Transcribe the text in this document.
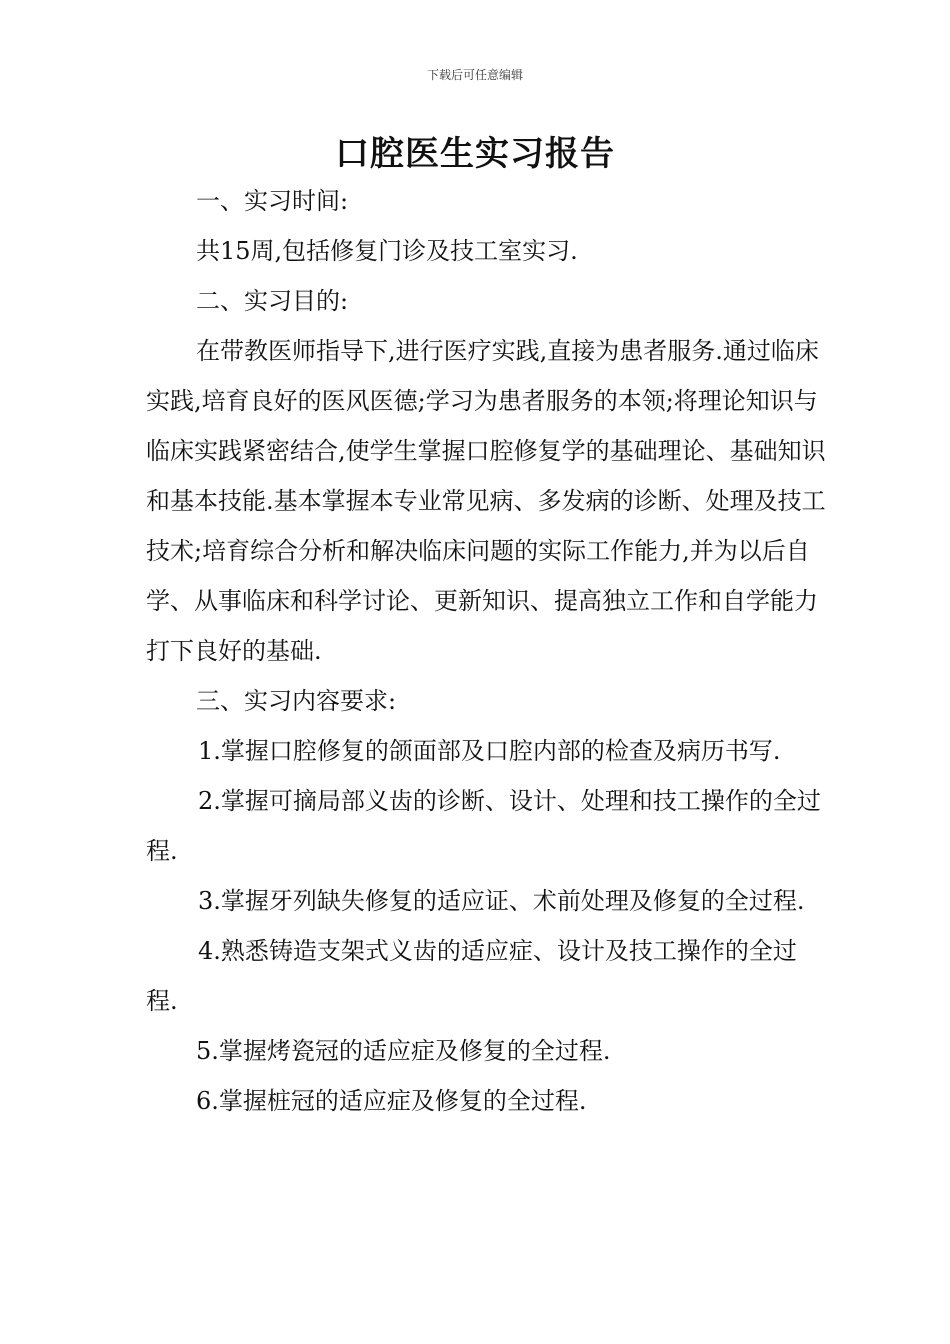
下载后可任意编辑
口腔医生实习报告

一、实习时间:

共15周,包括修复门诊及技工室实习.

二、实习目的:

在带教医师指导下,进行医疗实践,直接为患者服务.通过临床实践,培育良好的医风医德;学习为患者服务的本领;将理论知识与临床实践紧密结合,使学生掌握口腔修复学的基础理论、基础知识和基本技能.基本掌握本专业常见病、多发病的诊断、处理及技工技术;培育综合分析和解决临床问题的实际工作能力,并为以后自学、从事临床和科学讨论、更新知识、提高独立工作和自学能力打下良好的基础.

三、实习内容要求:

1.掌握口腔修复的颌面部及口腔内部的检查及病历书写.

2.掌握可摘局部义齿的诊断、设计、处理和技工操作的全过程.

3.掌握牙列缺失修复的适应证、术前处理及修复的全过程.

4.熟悉铸造支架式义齿的适应症、设计及技工操作的全过程.

5.掌握烤瓷冠的适应症及修复的全过程.

6.掌握桩冠的适应症及修复的全过程.
